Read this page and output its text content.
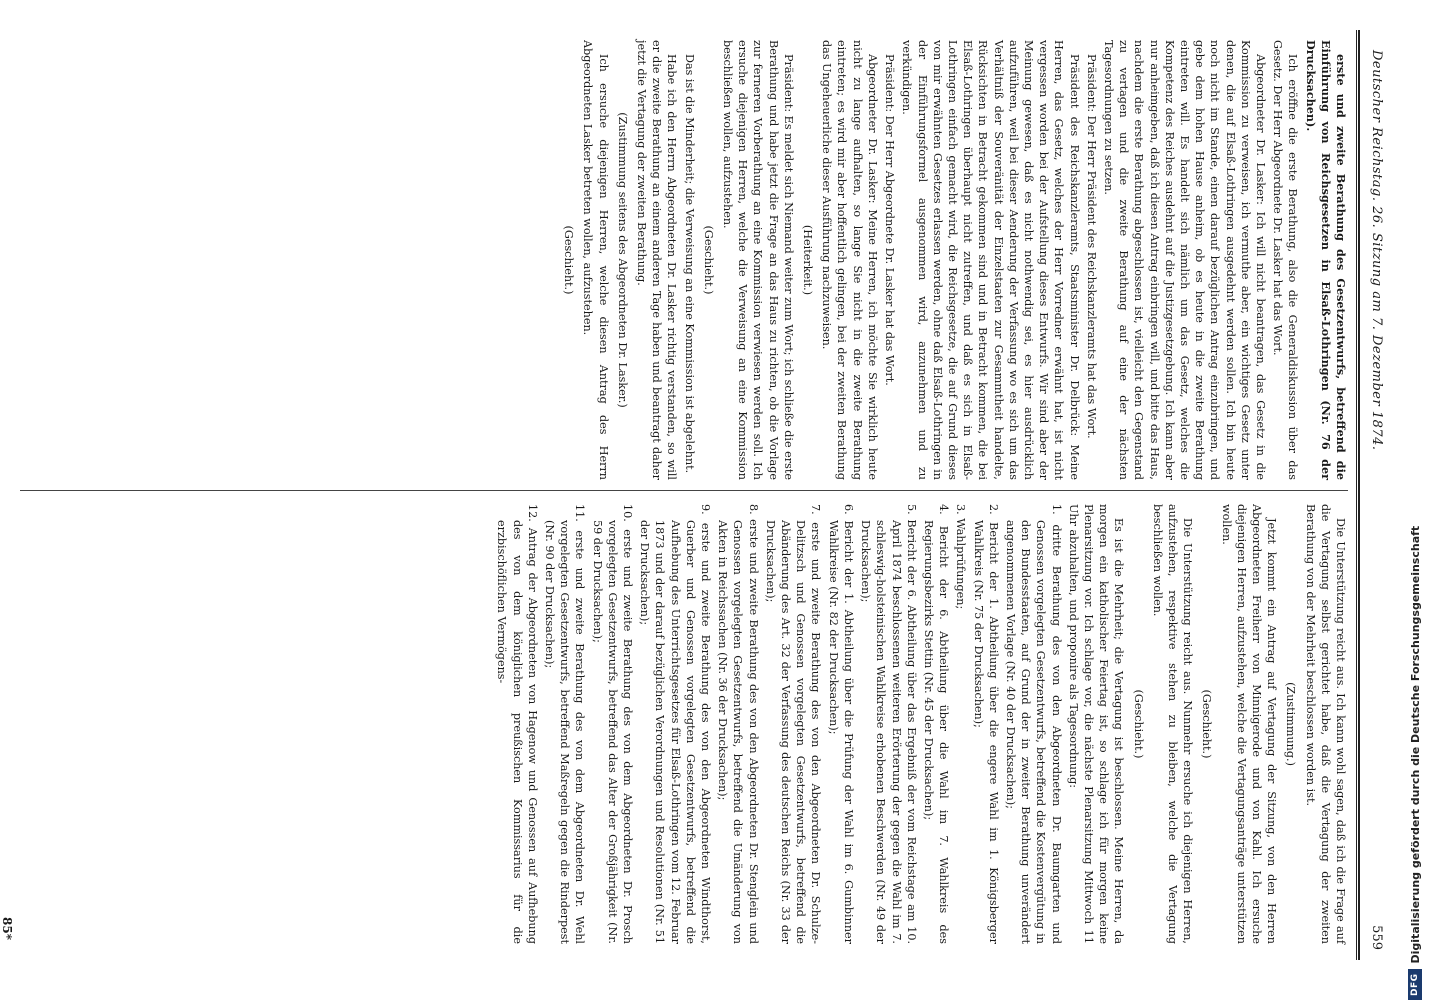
Deutscher Reichstag. 26. Sitzung am 7. Dezember 1874.
559

erste und zweite Berathung des Gesetzentwurfs, betreffend die Einführung von Reichsgesetzen in Elsaß-Lothringen (Nr. 76 der Drucksachen).

Ich eröffne die erste Berathung, also die Generaldiskussion über das Gesetz. Der Herr Abgeordnete Dr. Lasker hat das Wort.

Abgeordneter Dr. Lasker: Ich will nicht beantragen, das Gesetz in die Kommission zu verweisen, ich vermuthe aber, ein wichtiges Gesetz unter denen, die auf Elsaß-Lothringen ausgedehnt werden sollen. Ich bin heute noch nicht im Stande, einen darauf bezüglichen Antrag einzubringen, und gebe dem hohen Hause anheim, ob es heute in die zweite Berathung eintreten will. Es handelt sich nämlich um das Gesetz, welches die Kompetenz des Reiches ausdehnt auf die Justizgesetzgebung. Ich kann aber nur anheimgeben, daß ich diesen Antrag einbringen will, und bitte das Haus, nachdem die erste Berathung abgeschlossen ist, vielleicht den Gegenstand zu vertagen und die zweite Berathung auf eine der nächsten Tagesordnungen zu setzen.

Präsident: Der Herr Präsident des Reichskanzleramts hat das Wort.

Präsident des Reichskanzleramts, Staatsminister Dr. Delbrück: Meine Herren, das Gesetz, welches der Herr Vorredner erwähnt hat, ist nicht vergessen worden bei der Aufstellung dieses Entwurfs. Wir sind aber der Meinung gewesen, daß es nicht nothwendig sei, es hier ausdrücklich aufzuführen, weil bei dieser Aenderung der Verfassung wo es sich um das Verhältniß der Souveränität der Einzelstaaten zur Gesammtheit handelte, Rücksichten in Betracht gekommen sind und in Betracht kommen, die bei Elsaß-Lothringen überhaupt nicht zutreffen, und daß es sich in Elsaß-Lothringen einfach gemacht wird, die Reichsgesetze, die auf Grund dieses von mir erwähnten Gesetzes erlassen werden, ohne daß Elsaß-Lothringen in der Einführungsformel ausgenommen wird, anzunehmen und zu verkündigen.

Präsident: Der Herr Abgeordnete Dr. Lasker hat das Wort.

Abgeordneter Dr. Lasker: Meine Herren, ich möchte Sie wirklich heute nicht zu lange aufhalten, so lange Sie nicht in die zweite Berathung eintreten; es wird mir aber hoffentlich gelingen, bei der zweiten Berathung das Ungeheuerliche dieser Ausführung nachzuweisen.

(Heiterkeit.)

Präsident: Es meldet sich Niemand weiter zum Wort; ich schließe die erste Berathung und habe jetzt die Frage an das Haus zu richten, ob die Vorlage zur ferneren Vorberathung an eine Kommission verwiesen werden soll. Ich ersuche diejenigen Herren, welche die Verweisung an eine Kommission beschließen wollen, aufzustehen.

(Geschieht.)

Das ist die Minderheit; die Verweisung an eine Kommission ist abgelehnt.

Habe ich den Herrn Abgeordneten Dr. Lasker richtig verstanden, so will er die zweite Berathung an einem anderen Tage haben und beantragt daher jetzt die Vertagung der zweiten Berathung.

(Zustimmung seitens des Abgeordneten Dr. Lasker.)

Ich ersuche diejenigen Herren, welche diesen Antrag des Herrn Abgeordneten Lasker betreten wollen, aufzustehen.

(Geschieht.)

Die Unterstützung reicht aus. Ich kann wohl sagen, daß ich die Frage auf die Vertagung selbst gerichtet habe, daß die Vertagung der zweiten Berathung von der Mehrheit beschlossen worden ist.

(Zustimmung.)

Jetzt kommt ein Antrag auf Vertagung der Sitzung, von den Herren Abgeordneten Freiherr von Minnigerode und von Kahl. Ich ersuche diejenigen Herren, aufzustehen, welche die Vertagungsanträge unterstützen wollen.

(Geschieht.)

Die Unterstützung reicht aus. Nunmehr ersuche ich diejenigen Herren, aufzustehen, respektive stehen zu bleiben, welche die Vertagung beschließen wollen.

(Geschieht.)

Es ist die Mehrheit; die Vertagung ist beschlossen. Meine Herren, da morgen ein katholischer Feiertag ist, so schlage ich für morgen keine Plenarsitzung vor. Ich schlage vor, die nächste Plenarsitzung Mittwoch 11 Uhr abzuhalten, und proponire als Tagesordnung:

1. dritte Berathung des von den Abgeordneten Dr. Baumgarten und Genossen vorgelegten Gesetzentwurfs, betreffend die Kostenvergütung in den Bundesstaaten, auf Grund der in zweiter Berathung unverändert angenommenen Vorlage (Nr. 40 der Drucksachen);

2. Bericht der 1. Abtheilung über die engere Wahl im 1. Königsberger Wahlkreis (Nr. 75 der Drucksachen);

3. Wahlprüfungen;

4. Bericht der 6. Abtheilung über die Wahl im 7. Wahlkreis des Regierungsbezirks Stettin (Nr. 45 der Drucksachen);

5. Bericht der 6. Abtheilung über das Ergebniß der vom Reichstage am 10. April 1874 beschlossenen weiteren Erörterung der gegen die Wahl im 7. schleswig-holsteinischen Wahlkreise erhobenen Beschwerden (Nr. 49 der Drucksachen);

6. Bericht der 1. Abtheilung über die Prüfung der Wahl im 6. Gumbinner Wahlkreise (Nr. 82 der Drucksachen);

7. erste und zweite Berathung des von den Abgeordneten Dr. Schulze-Delitzsch und Genossen vorgelegten Gesetzentwurfs, betreffend die Abänderung des Art. 32 der Verfassung des deutschen Reichs (Nr. 33 der Drucksachen);

8. erste und zweite Berathung des von den Abgeordneten Dr. Stenglein und Genossen vorgelegten Gesetzentwurfs, betreffend die Umänderung von Akten in Reichssachen (Nr. 36 der Drucksachen);

9. erste und zweite Berathung des von den Abgeordneten Windthorst, Guerber und Genossen vorgelegten Gesetzentwurfs, betreffend die Aufhebung des Unterrichtsgesetzes für Elsaß-Lothringen vom 12. Februar 1873 und der darauf bezüglichen Verordnungen und Resolutionen (Nr. 51 der Drucksachen);

10. erste und zweite Berathung des von dem Abgeordneten Dr. Prosch vorgelegten Gesetzentwurfs, betreffend das Alter der Großjährigkeit (Nr. 59 der Drucksachen);

11. erste und zweite Berathung des von dem Abgeordneten Dr. Wehl vorgelegten Gesetzentwurfs, betreffend Maßregeln gegen die Rinderpest (Nr. 90 der Drucksachen);

12. Antrag der Abgeordneten von Hagenow und Genossen auf Aufhebung des von dem königlichen preußischen Kommissarius für die erzbischöflichen Vermögens-

85*
DFG
Digitalisierung gefördert durch die Deutsche Forschungsgemeinschaft
